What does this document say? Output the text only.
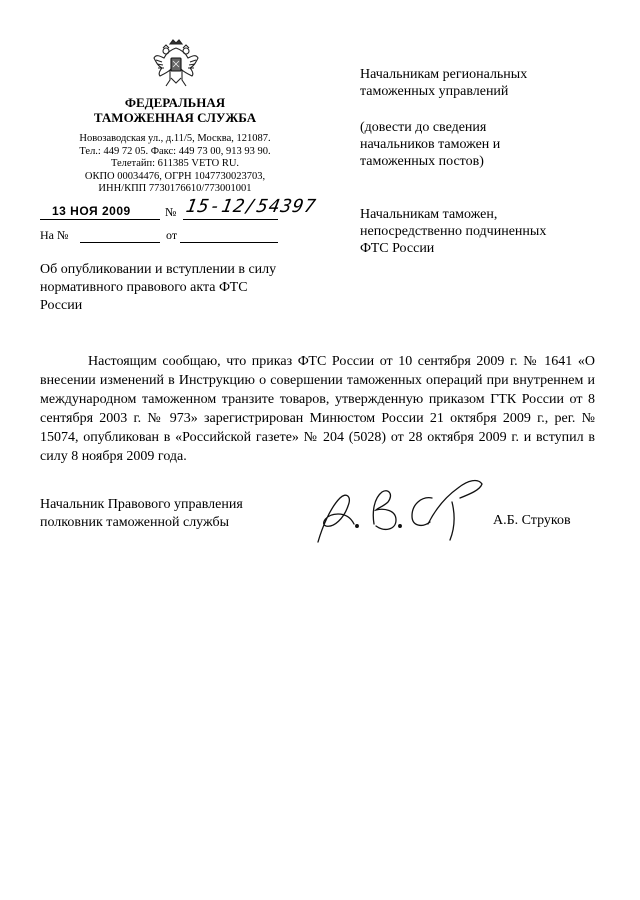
ФЕДЕРАЛЬНАЯ
ТАМОЖЕННАЯ СЛУЖБА
Новозаводская ул., д.11/5, Москва, 121087.
Тел.: 449 72 05. Факс: 449 73 00, 913 93 90.
Телетайп: 611385 VETO RU.
ОКПО 00034476, ОГРН 1047730023703,
ИНН/КПП 7730176610/773001001
13 НОЯ 2009	№ 15-12/54397
На №	от
Об опубликовании и вступлении в силу нормативного правового акта ФТС России
Начальникам региональных
таможенных управлений
(довести до сведения
начальников таможен и
таможенных постов)
Начальникам таможен,
непосредственно подчиненных
ФТС России
Настоящим сообщаю, что приказ ФТС России от 10 сентября 2009 г. № 1641 «О внесении изменений в Инструкцию о совершении таможенных операций при внутреннем и международном таможенном транзите товаров, утвержденную приказом ГТК России от 8 сентября 2003 г. № 973» зарегистрирован Минюстом России 21 октября 2009 г., рег. № 15074, опубликован в «Российской газете» № 204 (5028) от 28 октября 2009 г. и вступил в силу 8 ноября 2009 года.
Начальник Правового управления
полковник таможенной службы	А.Б. Струков
